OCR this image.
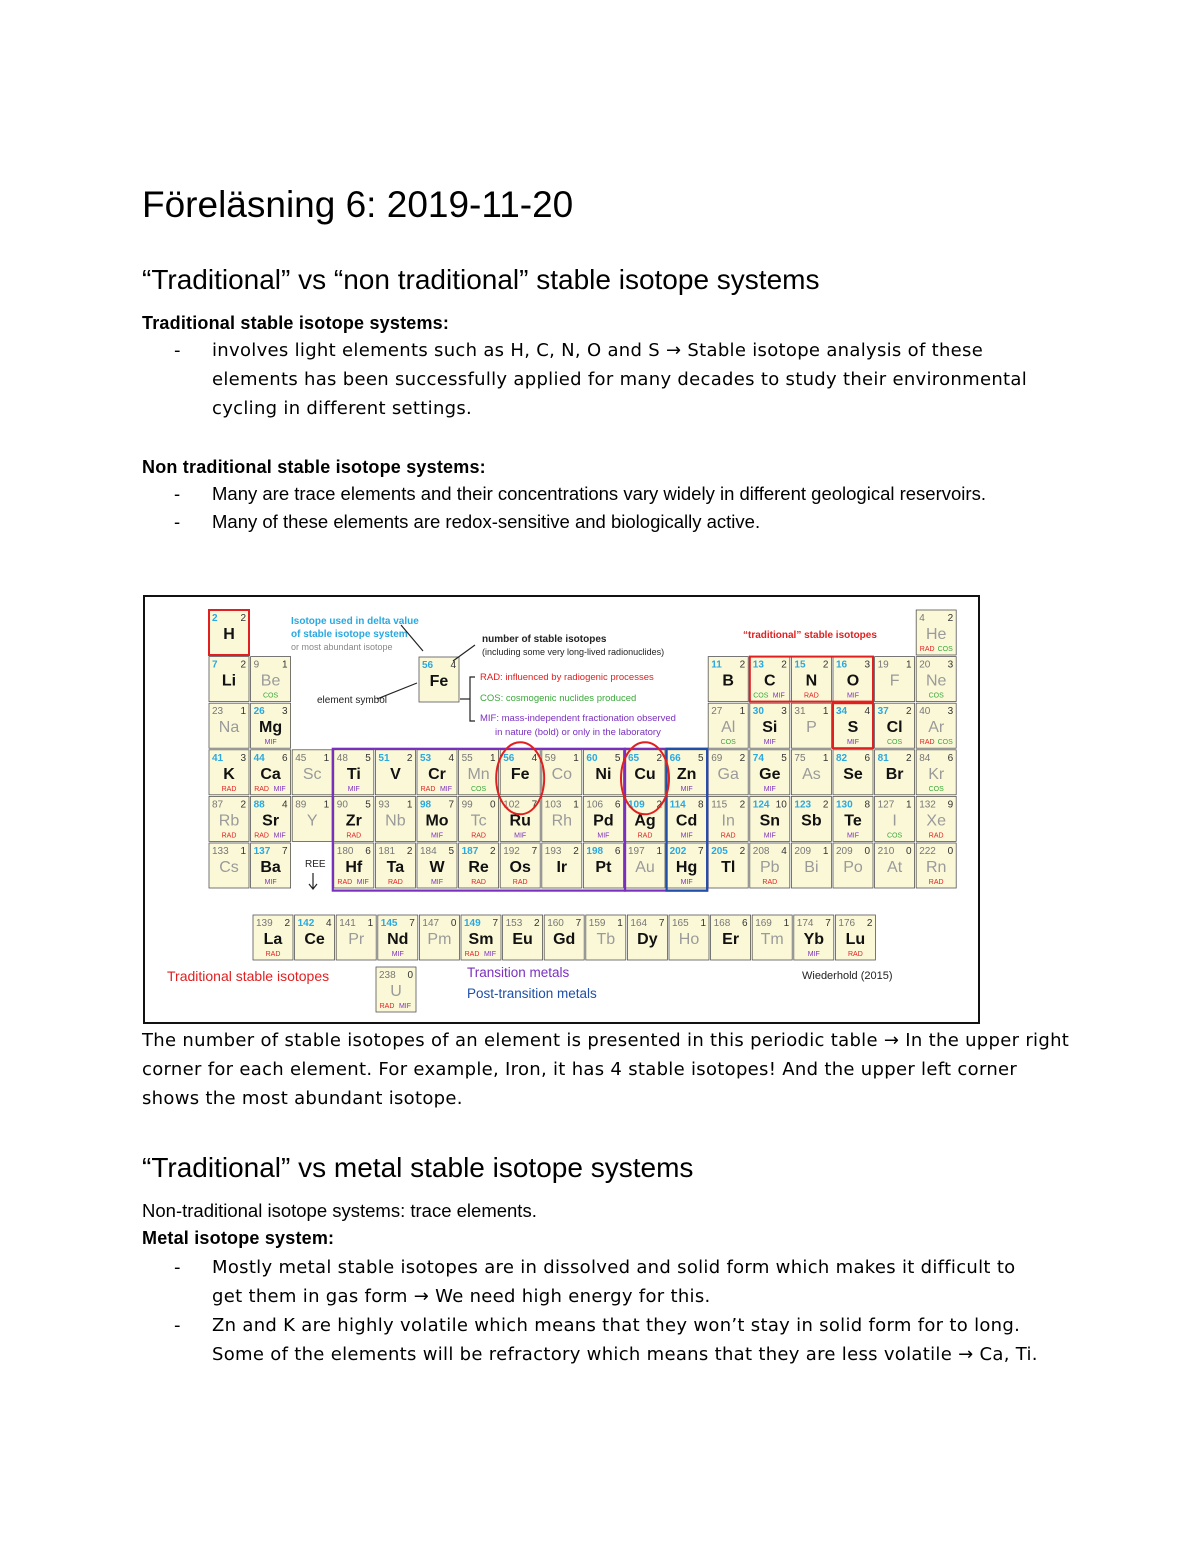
Föreläsning 6: 2019-11-20
“Traditional” vs “non traditional” stable isotope systems

Traditional stable isotope systems:

- involves light elements such as H, C, N, O and S → Stable isotope analysis of these elements has been successfully applied for many decades to study their environmental cycling in different settings.

Non traditional stable isotope systems:

- Many are trace elements and their concentrations vary widely in different geological reservoirs.
- Many of these elements are redox-sensitive and biologically active.
Isotope used in delta value
of stable isotope system
or most abundant isotope
number of stable isotopes
(including some very long-lived radionuclides)
RAD: influenced by radiogenic processes
COS: cosmogenic nuclides produced
MIF: mass-independent fractionation observed
in nature (bold) or only in the laboratory
element symbol
“traditional” stable isotopes
REE
Traditional stable isotopes	Transition metals
Post-transition metals
Wiederhold (2015)
2 2
H
4 2
He
RAD COS
7 2
Li
9 1
Be
COS
11 2
B
13 2
C
COS MIF
15 2
N
RAD
16 3
O
MIF
19 1
F
20 3
Ne
COS
23 1
Na
26 3
Mg
MIF
27 1
Al
COS
30 3
Si
MIF
31 1
P
34 4
S
MIF
37 2
Cl
COS
40 3
Ar
RAD COS
41 3
K
RAD
44 6
Ca
RAD MIF
45 1
Sc
48 5
Ti
MIF
51 2
V
53 4
Cr
RAD MIF
55 1
Mn
COS
56 4
Fe
59 1
Co
60 5
Ni
65 2
Cu
66 5
Zn
MIF
69 2
Ga
74 5
Ge
MIF
75 1
As
82 6
Se
81 2
Br
84 6
Kr
COS
87 2
Rb
RAD
88 4
Sr
RAD MIF
89 1
Y
90 5
Zr
RAD
93 1
Nb
98 7
Mo
MIF
99 0
Tc
RAD
102 7
Ru
MIF
103 1
Rh
106 6
Pd
MIF
109 2
Ag
RAD
114 8
Cd
MIF
115 2
In
RAD
124 10
Sn
MIF
123 2
Sb
130 8
Te
MIF
127 1
I
COS
132 9
Xe
RAD
133 1
Cs
137 7
Ba
MIF
180 6
Hf
RAD MIF
181 2
Ta
RAD
184 5
W
MIF
187 2
Re
RAD
192 7
Os
RAD
193 2
Ir
198 6
Pt
197 1
Au
202 7
Hg
MIF
205 2
Tl
208 4
Pb
RAD
209 1
Bi
209 0
Po
210 0
At
222 0
Rn
RAD
139 2
La
RAD
142 4
Ce
141 1
Pr
145 7
Nd
MIF
147 0
Pm
149 7
Sm
RAD MIF
153 2
Eu
160 7
Gd
159 1
Tb
164 7
Dy
165 1
Ho
168 6
Er
169 1
Tm
174 7
Yb
MIF
176 2
Lu
RAD
238 0
U
RAD MIF
56 4
Fe

The number of stable isotopes of an element is presented in this periodic table → In the upper right corner for each element. For example, Iron, it has 4 stable isotopes! And the upper left corner shows the most abundant isotope.

“Traditional” vs metal stable isotope systems

Non-traditional isotope systems: trace elements.

Metal isotope system:

- Mostly metal stable isotopes are in dissolved and solid form which makes it difficult to get them in gas form → We need high energy for this.
- Zn and K are highly volatile which means that they won’t stay in solid form for to long. Some of the elements will be refractory which means that they are less volatile → Ca, Ti.
